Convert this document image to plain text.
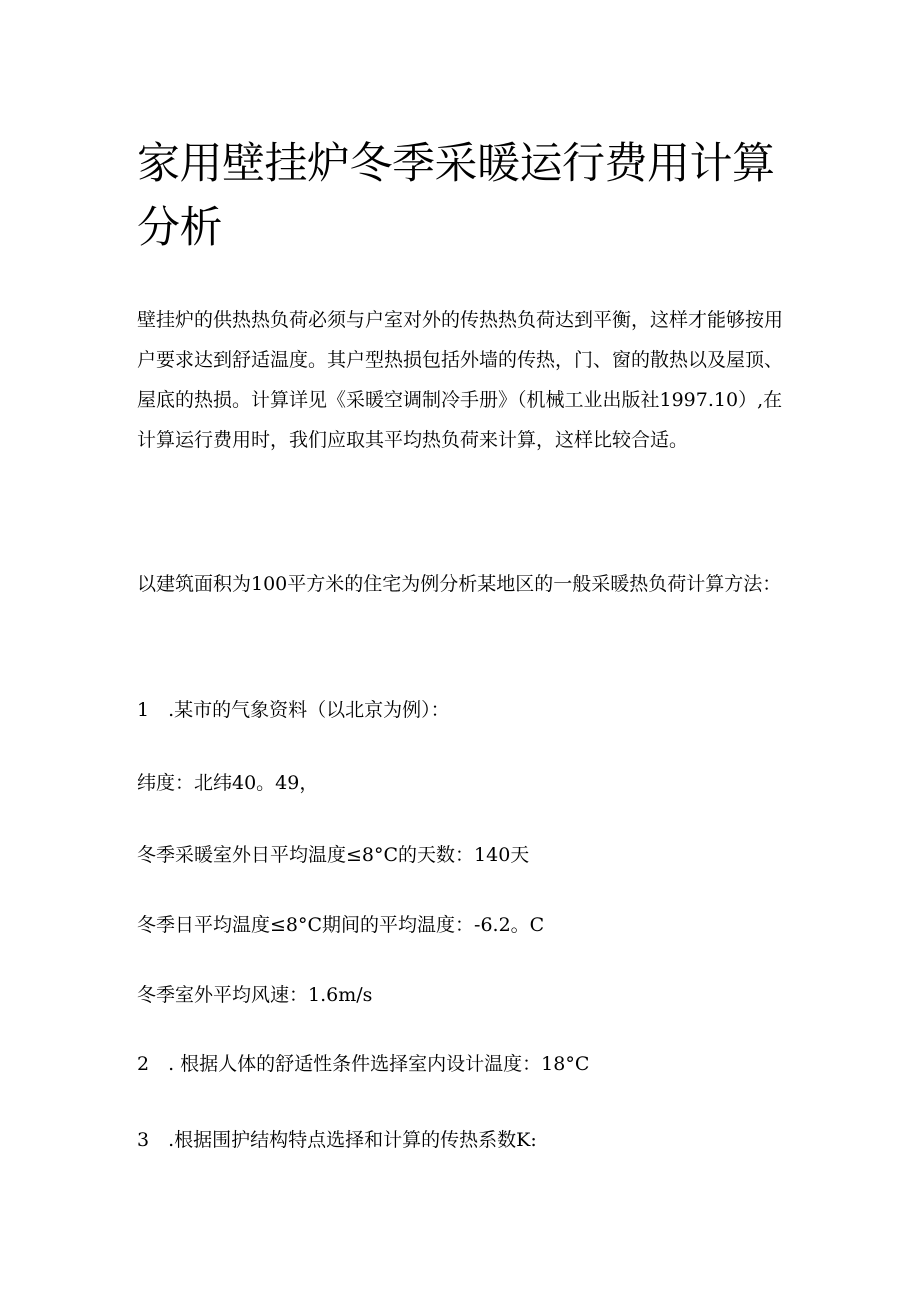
家用壁挂炉冬季采暖运行费用计算分析

壁挂炉的供热热负荷必须与户室对外的传热热负荷达到平衡，这样才能够按用户要求达到舒适温度。其户型热损包括外墙的传热，门、窗的散热以及屋顶、屋底的热损。计算详见《采暖空调制冷手册》（机械工业出版社1997.10）,在计算运行费用时，我们应取其平均热负荷来计算，这样比较合适。

以建筑面积为100平方米的住宅为例分析某地区的一般采暖热负荷计算方法：

1　.某市的气象资料（以北京为例）：

纬度：北纬40。49，

冬季采暖室外日平均温度≤8°C的天数：140天

冬季日平均温度≤8°C期间的平均温度：-6.2。C

冬季室外平均风速：1.6m∕s

2　. 根据人体的舒适性条件选择室内设计温度：18°C

3　.根据围护结构特点选择和计算的传热系数K:
